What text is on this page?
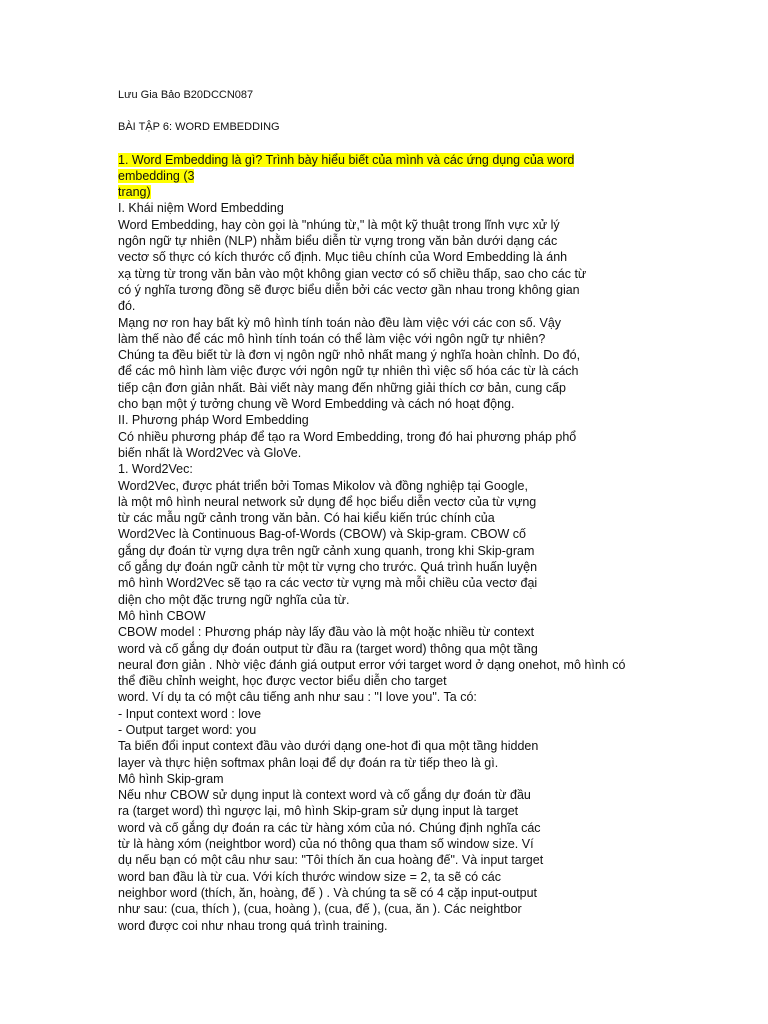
Lưu Gia Bảo B20DCCN087
BÀI TẬP 6: WORD EMBEDDING
1. Word Embedding là gì? Trình bày hiểu biết của mình và các ứng dụng của word
embedding (3
trang)
I. Khái niệm Word Embedding
Word Embedding, hay còn gọi là "nhúng từ," là một kỹ thuật trong lĩnh vực xử lý
ngôn ngữ tự nhiên (NLP) nhằm biểu diễn từ vựng trong văn bản dưới dạng các
vectơ số thực có kích thước cố định. Mục tiêu chính của Word Embedding là ánh
xạ từng từ trong văn bản vào một không gian vectơ có số chiều thấp, sao cho các từ
có ý nghĩa tương đồng sẽ được biểu diễn bởi các vectơ gần nhau trong không gian
đó.
Mạng nơ ron hay bất kỳ mô hình tính toán nào đều làm việc với các con số. Vậy
làm thế nào để các mô hình tính toán có thể làm việc với ngôn ngữ tự nhiên?
Chúng ta đều biết từ là đơn vị ngôn ngữ nhỏ nhất mang ý nghĩa hoàn chỉnh. Do đó,
để các mô hình làm việc được với ngôn ngữ tự nhiên thì việc số hóa các từ là cách
tiếp cận đơn giản nhất. Bài viết này mang đến những giải thích cơ bản, cung cấp
cho bạn một ý tưởng chung về Word Embedding và cách nó hoạt động.
II. Phương pháp Word Embedding
Có nhiều phương pháp để tạo ra Word Embedding, trong đó hai phương pháp phổ
biến nhất là Word2Vec và GloVe.
1. Word2Vec:
Word2Vec, được phát triển bởi Tomas Mikolov và đồng nghiệp tại Google,
là một mô hình neural network sử dụng để học biểu diễn vectơ của từ vựng
từ các mẫu ngữ cảnh trong văn bản. Có hai kiểu kiến trúc chính của
Word2Vec là Continuous Bag-of-Words (CBOW) và Skip-gram. CBOW cố
gắng dự đoán từ vựng dựa trên ngữ cảnh xung quanh, trong khi Skip-gram
cố gắng dự đoán ngữ cảnh từ một từ vựng cho trước. Quá trình huấn luyện
mô hình Word2Vec sẽ tạo ra các vectơ từ vựng mà mỗi chiều của vectơ đại
diện cho một đặc trưng ngữ nghĩa của từ.
Mô hình CBOW
CBOW model : Phương pháp này lấy đầu vào là một hoặc nhiều từ context
word và cố gắng dự đoán output từ đầu ra (target word) thông qua một tầng
neural đơn giản . Nhờ việc đánh giá output error với target word ở dạng onehot, mô hình có
thể điều chỉnh weight, học được vector biểu diễn cho target
word. Ví dụ ta có một câu tiếng anh như sau : "I love you". Ta có:
- Input context word : love
- Output target word: you
Ta biến đổi input context đầu vào dưới dạng one-hot đi qua một tầng hidden
layer và thực hiện softmax phân loại để dự đoán ra từ tiếp theo là gì.
Mô hình Skip-gram
Nếu như CBOW sử dụng input là context word và cố gắng dự đoán từ đầu
ra (target word) thì ngược lại, mô hình Skip-gram sử dụng input là target
word và cố gắng dự đoán ra các từ hàng xóm của nó. Chúng định nghĩa các
từ là hàng xóm (neightbor word) của nó thông qua tham số window size. Ví
dụ nếu bạn có một câu như sau: "Tôi thích ăn cua hoàng đế". Và input target
word ban đầu là từ cua. Với kích thước window size = 2, ta sẽ có các
neighbor word (thích, ăn, hoàng, đế ) . Và chúng ta sẽ có 4 cặp input-output
như sau: (cua, thích ), (cua, hoàng ), (cua, đế ), (cua, ăn ). Các neightbor
word được coi như nhau trong quá trình training.
